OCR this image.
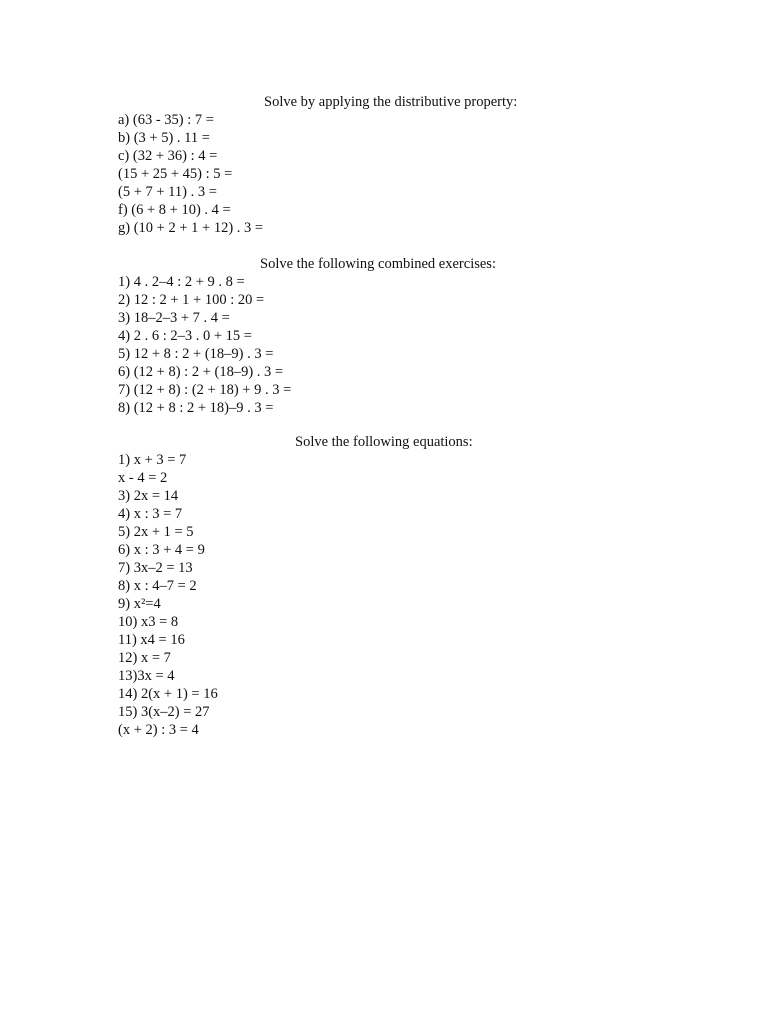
Solve by applying the distributive property:
a) (63 - 35) : 7 =
b) (3 + 5) . 11 =
c) (32 + 36) : 4 =
(15 + 25 + 45) : 5 =
(5 + 7 + 11) . 3 =
f) (6 + 8 + 10) . 4 =
g) (10 + 2 + 1 + 12) . 3 =
Solve the following combined exercises:
1) 4 . 2–4 : 2 + 9 . 8 =
2) 12 : 2 + 1 + 100 : 20 =
3) 18–2–3 + 7 . 4 =
4) 2 . 6 : 2–3 . 0 + 15 =
5) 12 + 8 : 2 + (18–9) . 3 =
6) (12 + 8) : 2 + (18–9) . 3 =
7) (12 + 8) : (2 + 18) + 9 . 3 =
8) (12 + 8 : 2 + 18)–9 . 3 =
Solve the following equations:
1) x + 3 = 7
x - 4 = 2
3) 2x = 14
4) x : 3 = 7
5) 2x + 1 = 5
6) x : 3 + 4 = 9
7) 3x–2 = 13
8) x : 4–7 = 2
9) x²=4
10) x3 = 8
11) x4 = 16
12) x = 7
13)3x = 4
14) 2(x + 1) = 16
15) 3(x–2) = 27
(x + 2) : 3 = 4
